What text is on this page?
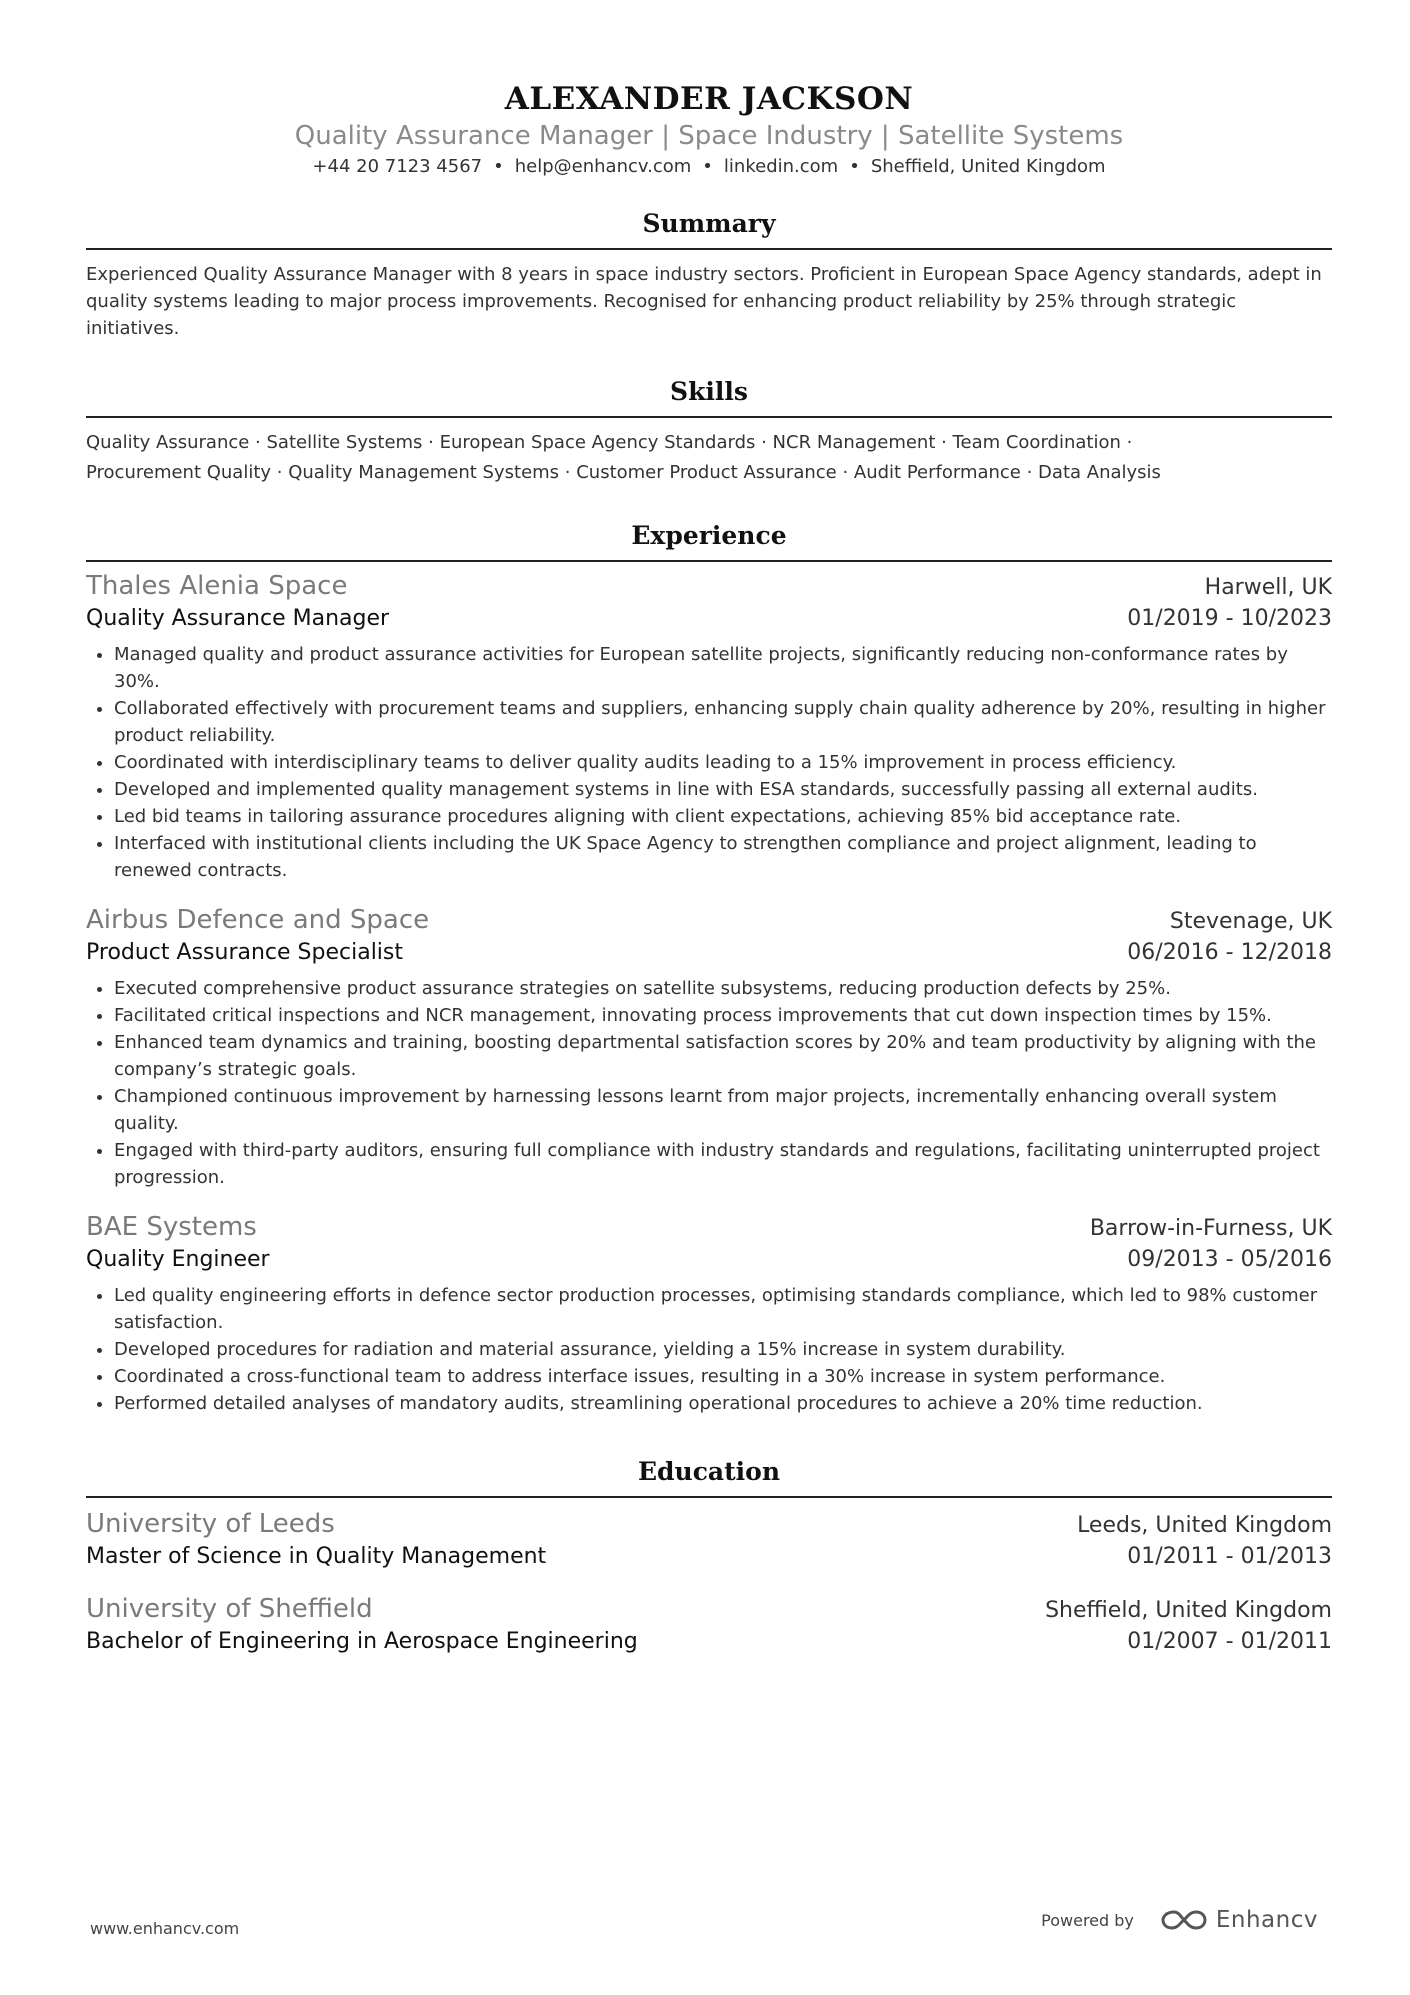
ALEXANDER JACKSON
Quality Assurance Manager | Space Industry | Satellite Systems
+44 20 7123 4567 • help@enhancv.com • linkedin.com • Sheffield, United Kingdom
Summary
Experienced Quality Assurance Manager with 8 years in space industry sectors. Proficient in European Space Agency standards, adept in quality systems leading to major process improvements. Recognised for enhancing product reliability by 25% through strategic initiatives.
Skills
Quality Assurance · Satellite Systems · European Space Agency Standards · NCR Management · Team Coordination ·
Procurement Quality · Quality Management Systems · Customer Product Assurance · Audit Performance · Data Analysis
Experience
Thales Alenia Space	Harwell, UK
Quality Assurance Manager	01/2019 - 10/2023
• Managed quality and product assurance activities for European satellite projects, significantly reducing non-conformance rates by 30%.
• Collaborated effectively with procurement teams and suppliers, enhancing supply chain quality adherence by 20%, resulting in higher product reliability.
• Coordinated with interdisciplinary teams to deliver quality audits leading to a 15% improvement in process efficiency.
• Developed and implemented quality management systems in line with ESA standards, successfully passing all external audits.
• Led bid teams in tailoring assurance procedures aligning with client expectations, achieving 85% bid acceptance rate.
• Interfaced with institutional clients including the UK Space Agency to strengthen compliance and project alignment, leading to renewed contracts.
Airbus Defence and Space	Stevenage, UK
Product Assurance Specialist	06/2016 - 12/2018
• Executed comprehensive product assurance strategies on satellite subsystems, reducing production defects by 25%.
• Facilitated critical inspections and NCR management, innovating process improvements that cut down inspection times by 15%.
• Enhanced team dynamics and training, boosting departmental satisfaction scores by 20% and team productivity by aligning with the company’s strategic goals.
• Championed continuous improvement by harnessing lessons learnt from major projects, incrementally enhancing overall system quality.
• Engaged with third-party auditors, ensuring full compliance with industry standards and regulations, facilitating uninterrupted project progression.
BAE Systems	Barrow-in-Furness, UK
Quality Engineer	09/2013 - 05/2016
• Led quality engineering efforts in defence sector production processes, optimising standards compliance, which led to 98% customer satisfaction.
• Developed procedures for radiation and material assurance, yielding a 15% increase in system durability.
• Coordinated a cross-functional team to address interface issues, resulting in a 30% increase in system performance.
• Performed detailed analyses of mandatory audits, streamlining operational procedures to achieve a 20% time reduction.
Education
University of Leeds	Leeds, United Kingdom
Master of Science in Quality Management	01/2011 - 01/2013
University of Sheffield	Sheffield, United Kingdom
Bachelor of Engineering in Aerospace Engineering	01/2007 - 01/2011
www.enhancv.com	Powered by	Enhancv
